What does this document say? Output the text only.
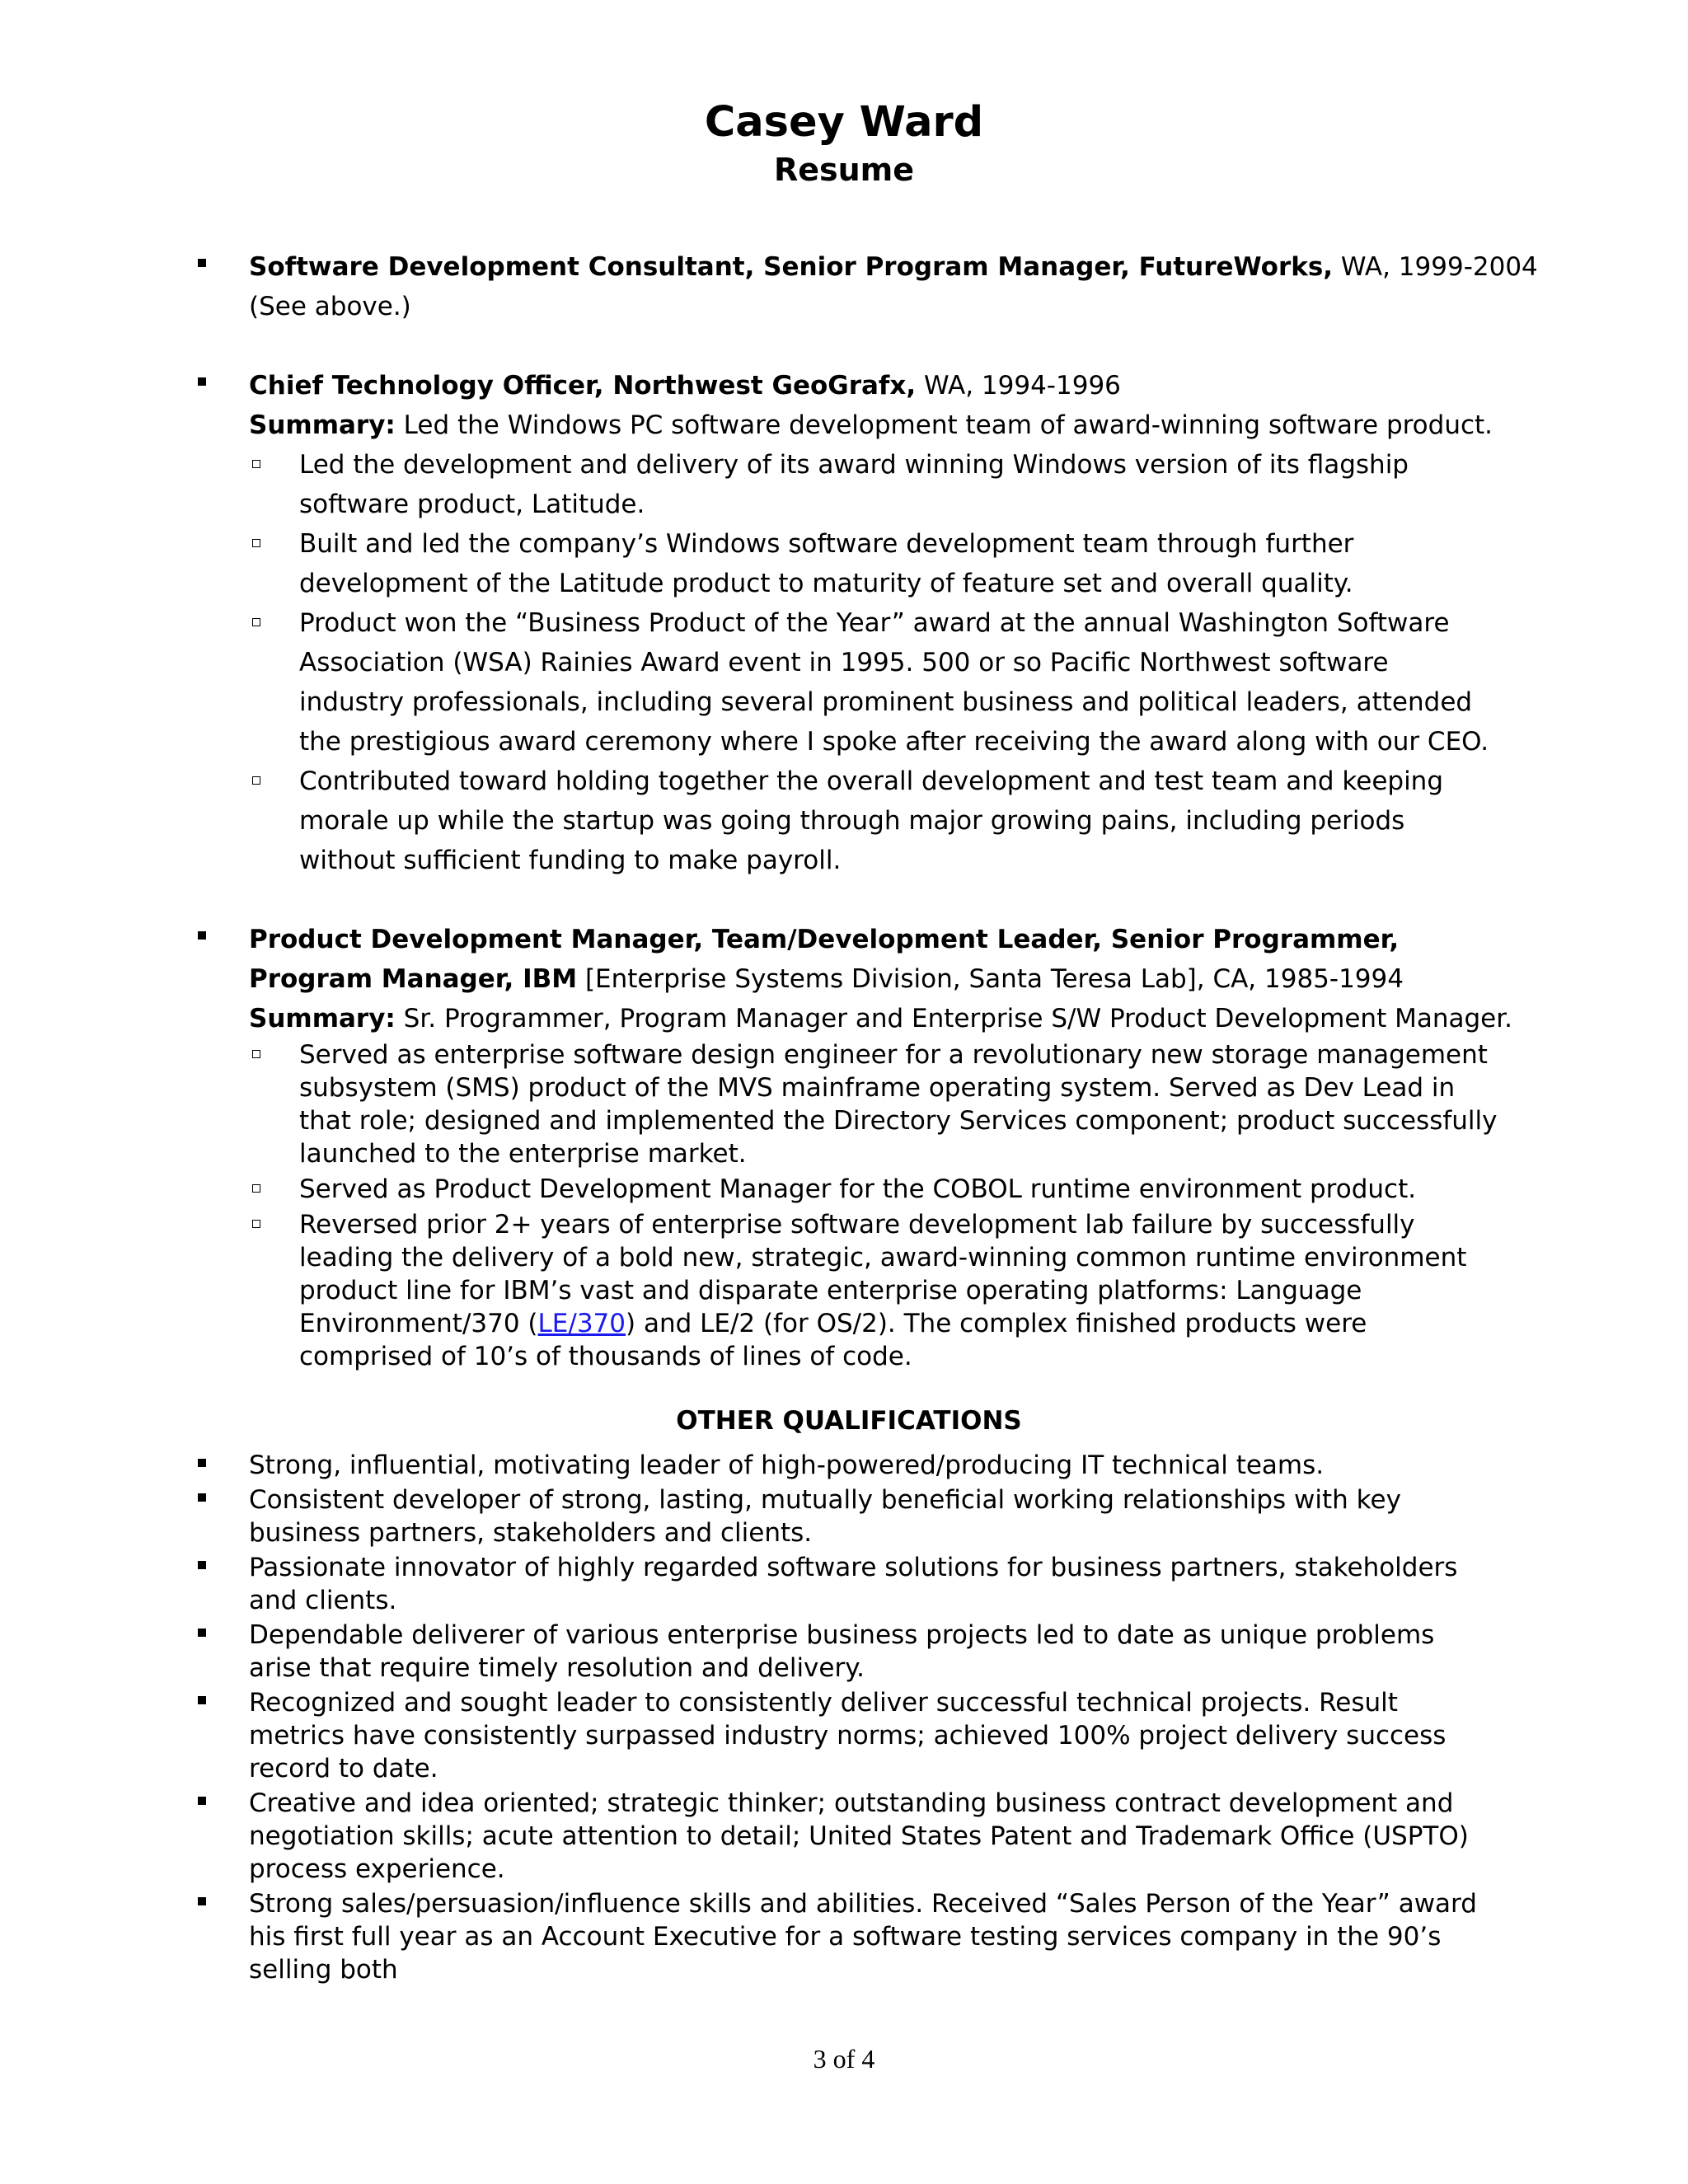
Casey Ward
Resume
Software Development Consultant, Senior Program Manager, FutureWorks, WA, 1999-2004
(See above.)
Chief Technology Officer, Northwest GeoGrafx, WA, 1994-1996
Summary: Led the Windows PC software development team of award-winning software product.
Led the development and delivery of its award winning Windows version of its flagship software product, Latitude.
Built and led the company’s Windows software development team through further development of the Latitude product to maturity of feature set and overall quality.
Product won the “Business Product of the Year” award at the annual Washington Software Association (WSA) Rainies Award event in 1995. 500 or so Pacific Northwest software industry professionals, including several prominent business and political leaders, attended the prestigious award ceremony where I spoke after receiving the award along with our CEO.
Contributed toward holding together the overall development and test team and keeping morale up while the startup was going through major growing pains, including periods without sufficient funding to make payroll.
Product Development Manager, Team/Development Leader, Senior Programmer, Program Manager, IBM [Enterprise Systems Division, Santa Teresa Lab], CA, 1985-1994
Summary: Sr. Programmer, Program Manager and Enterprise S/W Product Development Manager.
Served as enterprise software design engineer for a revolutionary new storage management subsystem (SMS) product of the MVS mainframe operating system. Served as Dev Lead in that role; designed and implemented the Directory Services component; product successfully launched to the enterprise market.
Served as Product Development Manager for the COBOL runtime environment product.
Reversed prior 2+ years of enterprise software development lab failure by successfully leading the delivery of a bold new, strategic, award-winning common runtime environment product line for IBM’s vast and disparate enterprise operating platforms: Language Environment/370 (LE/370) and LE/2 (for OS/2). The complex finished products were comprised of 10’s of thousands of lines of code.
OTHER QUALIFICATIONS
Strong, influential, motivating leader of high-powered/producing IT technical teams.
Consistent developer of strong, lasting, mutually beneficial working relationships with key business partners, stakeholders and clients.
Passionate innovator of highly regarded software solutions for business partners, stakeholders and clients.
Dependable deliverer of various enterprise business projects led to date as unique problems arise that require timely resolution and delivery.
Recognized and sought leader to consistently deliver successful technical projects. Result metrics have consistently surpassed industry norms; achieved 100% project delivery success record to date.
Creative and idea oriented; strategic thinker; outstanding business contract development and negotiation skills; acute attention to detail; United States Patent and Trademark Office (USPTO) process experience.
Strong sales/persuasion/influence skills and abilities. Received “Sales Person of the Year” award his first full year as an Account Executive for a software testing services company in the 90’s selling both
3 of 4
